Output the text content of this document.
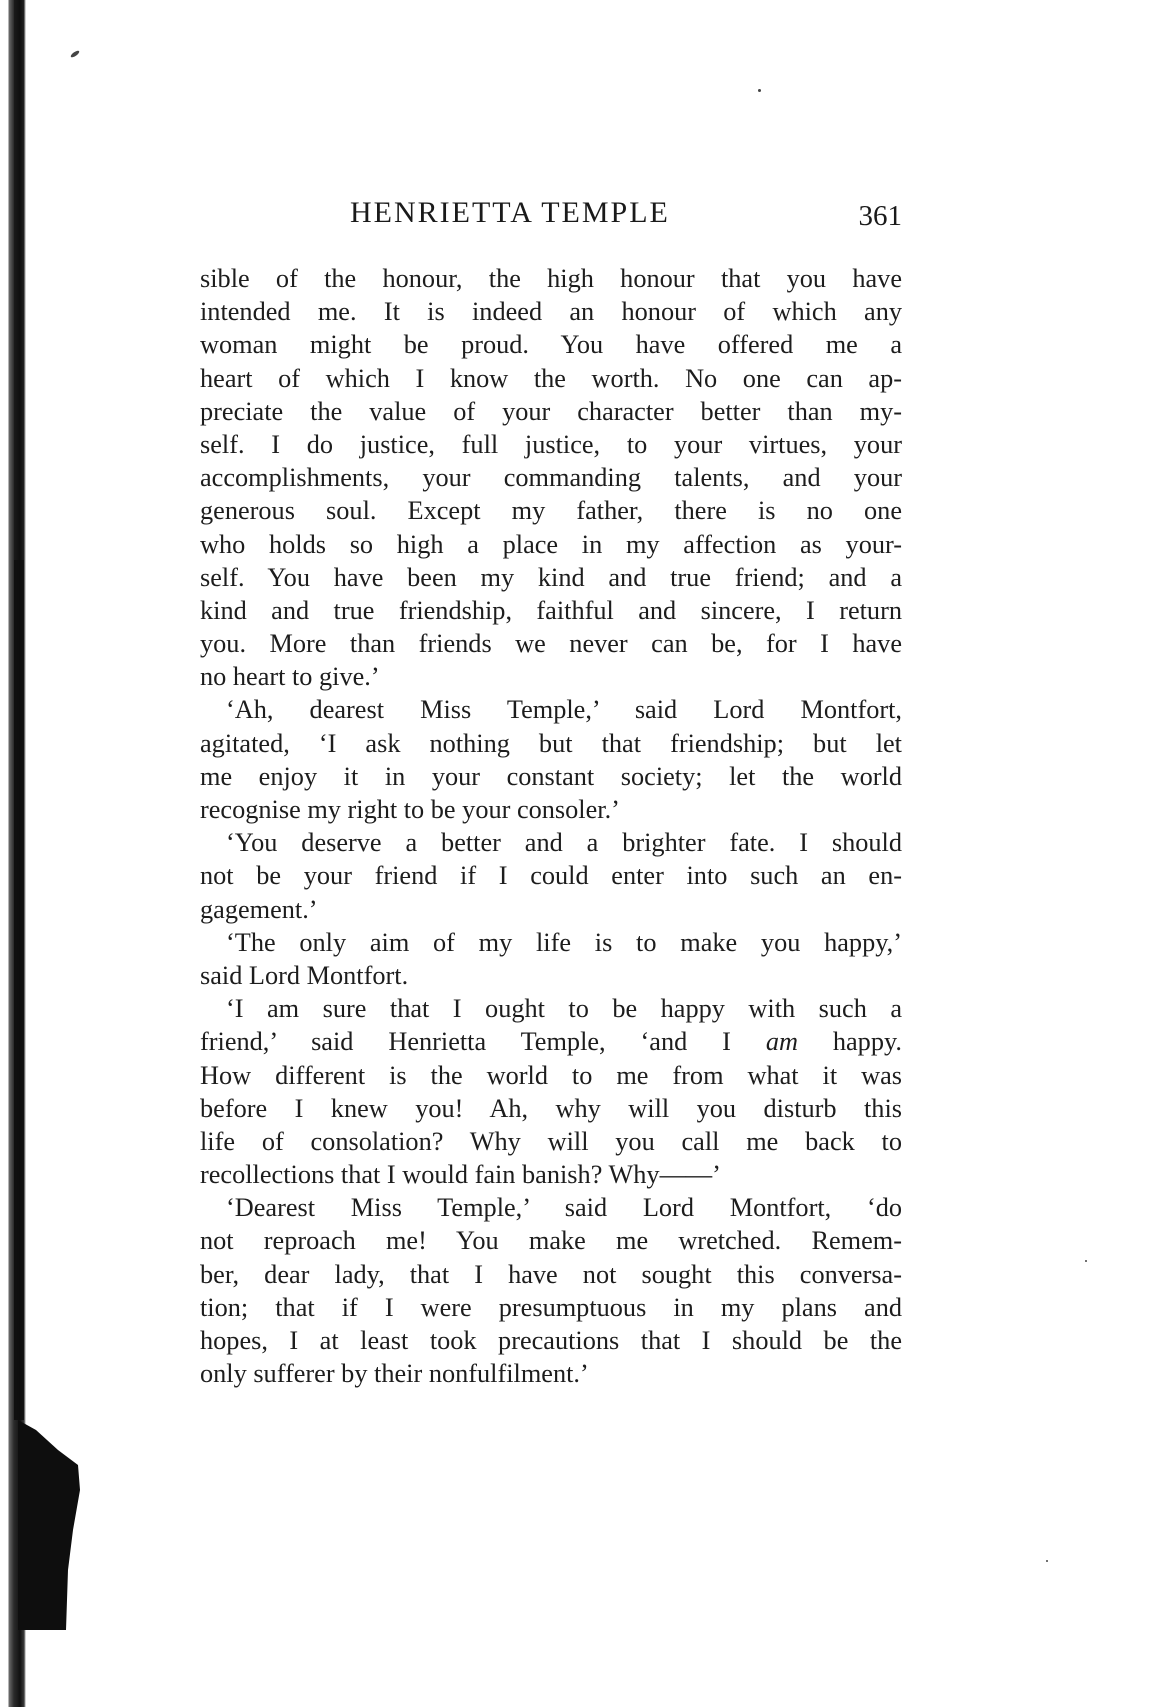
HENRIETTA TEMPLE	361
sible of the honour, the high honour that you have
intended me. It is indeed an honour of which any
woman might be proud. You have offered me a
heart of which I know the worth. No one can ap-
preciate the value of your character better than my-
self. I do justice, full justice, to your virtues, your
accomplishments, your commanding talents, and your
generous soul. Except my father, there is no one
who holds so high a place in my affection as your-
self. You have been my kind and true friend; and a
kind and true friendship, faithful and sincere, I return
you. More than friends we never can be, for I have
no heart to give.’
‘Ah, dearest Miss Temple,’ said Lord Montfort,
agitated, ‘I ask nothing but that friendship; but let
me enjoy it in your constant society; let the world
recognise my right to be your consoler.’
‘You deserve a better and a brighter fate. I should
not be your friend if I could enter into such an en-
gagement.’
‘The only aim of my life is to make you happy,’
said Lord Montfort.
‘I am sure that I ought to be happy with such a
friend,’ said Henrietta Temple, ‘and I am happy.
How different is the world to me from what it was
before I knew you! Ah, why will you disturb this
life of consolation? Why will you call me back to
recollections that I would fain banish? Why——’
‘Dearest Miss Temple,’ said Lord Montfort, ‘do
not reproach me! You make me wretched. Remem-
ber, dear lady, that I have not sought this conversa-
tion; that if I were presumptuous in my plans and
hopes, I at least took precautions that I should be the
only sufferer by their nonfulfilment.’
